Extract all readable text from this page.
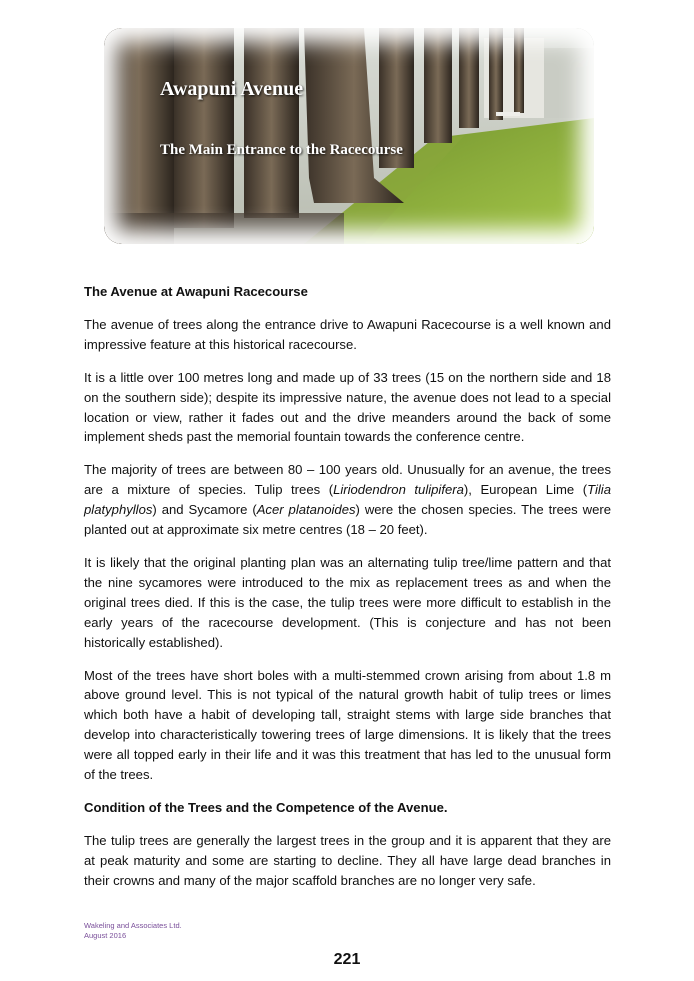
Awapuni Avenue
The Main Entrance to the Racecourse
The Avenue at Awapuni Racecourse

The avenue of trees along the entrance drive to Awapuni Racecourse is a well known and impressive feature at this historical racecourse.

It is a little over 100 metres long and made up of 33 trees (15 on the northern side and 18 on the southern side); despite its impressive nature, the avenue does not lead to a special location or view, rather it fades out and the drive meanders around the back of some implement sheds past the memorial fountain towards the conference centre.

The majority of trees are between 80 – 100 years old. Unusually for an avenue, the trees are a mixture of species. Tulip trees (Liriodendron tulipifera), European Lime (Tilia platyphyllos) and Sycamore (Acer platanoides) were the chosen species. The trees were planted out at approximate six metre centres (18 – 20 feet).

It is likely that the original planting plan was an alternating tulip tree/lime pattern and that the nine sycamores were introduced to the mix as replacement trees as and when the original trees died. If this is the case, the tulip trees were more difficult to establish in the early years of the racecourse development. (This is conjecture and has not been historically established).

Most of the trees have short boles with a multi-stemmed crown arising from about 1.8 m above ground level. This is not typical of the natural growth habit of tulip trees or limes which both have a habit of developing tall, straight stems with large side branches that develop into characteristically towering trees of large dimensions. It is likely that the trees were all topped early in their life and it was this treatment that has led to the unusual form of the trees.

Condition of the Trees and the Competence of the Avenue.

The tulip trees are generally the largest trees in the group and it is apparent that they are at peak maturity and some are starting to decline. They all have large dead branches in their crowns and many of the major scaffold branches are no longer very safe.

Wakeling and Associates Ltd.
August 2016
221
